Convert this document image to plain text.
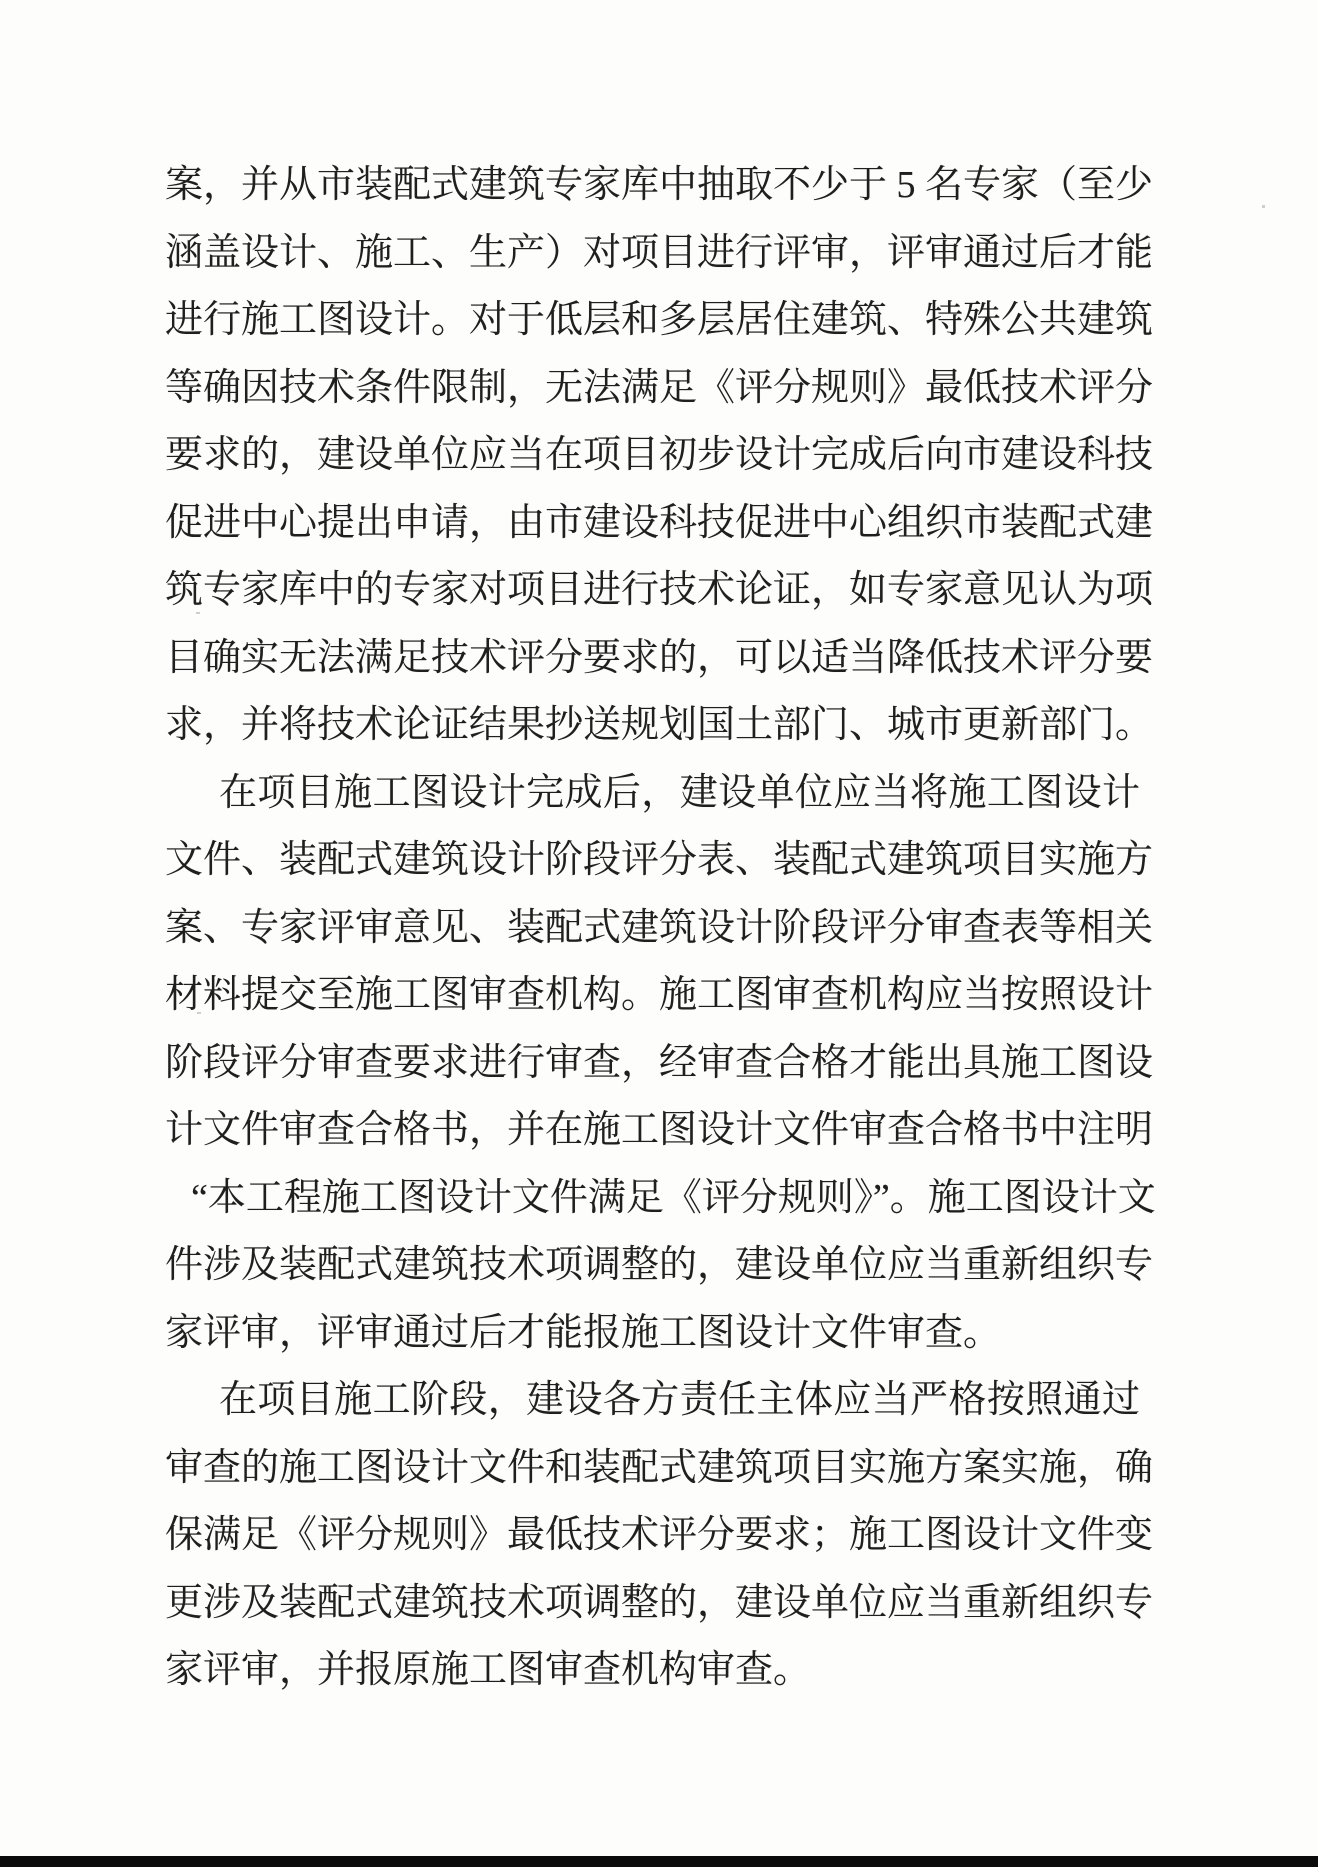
案，并从市装配式建筑专家库中抽取不少于 5 名专家（至少
涵盖设计、施工、生产）对项目进行评审，评审通过后才能
进行施工图设计。对于低层和多层居住建筑、特殊公共建筑
等确因技术条件限制，无法满足《评分规则》最低技术评分
要求的，建设单位应当在项目初步设计完成后向市建设科技
促进中心提出申请，由市建设科技促进中心组织市装配式建
筑专家库中的专家对项目进行技术论证，如专家意见认为项
目确实无法满足技术评分要求的，可以适当降低技术评分要
求，并将技术论证结果抄送规划国土部门、城市更新部门。
在项目施工图设计完成后，建设单位应当将施工图设计
文件、装配式建筑设计阶段评分表、装配式建筑项目实施方
案、专家评审意见、装配式建筑设计阶段评分审查表等相关
材料提交至施工图审查机构。施工图审查机构应当按照设计
阶段评分审查要求进行审查，经审查合格才能出具施工图设
计文件审查合格书，并在施工图设计文件审查合格书中注明
“本工程施工图设计文件满足《评分规则》”。施工图设计文
件涉及装配式建筑技术项调整的，建设单位应当重新组织专
家评审，评审通过后才能报施工图设计文件审查。
在项目施工阶段，建设各方责任主体应当严格按照通过
审查的施工图设计文件和装配式建筑项目实施方案实施，确
保满足《评分规则》最低技术评分要求；施工图设计文件变
更涉及装配式建筑技术项调整的，建设单位应当重新组织专
家评审，并报原施工图审查机构审查。
